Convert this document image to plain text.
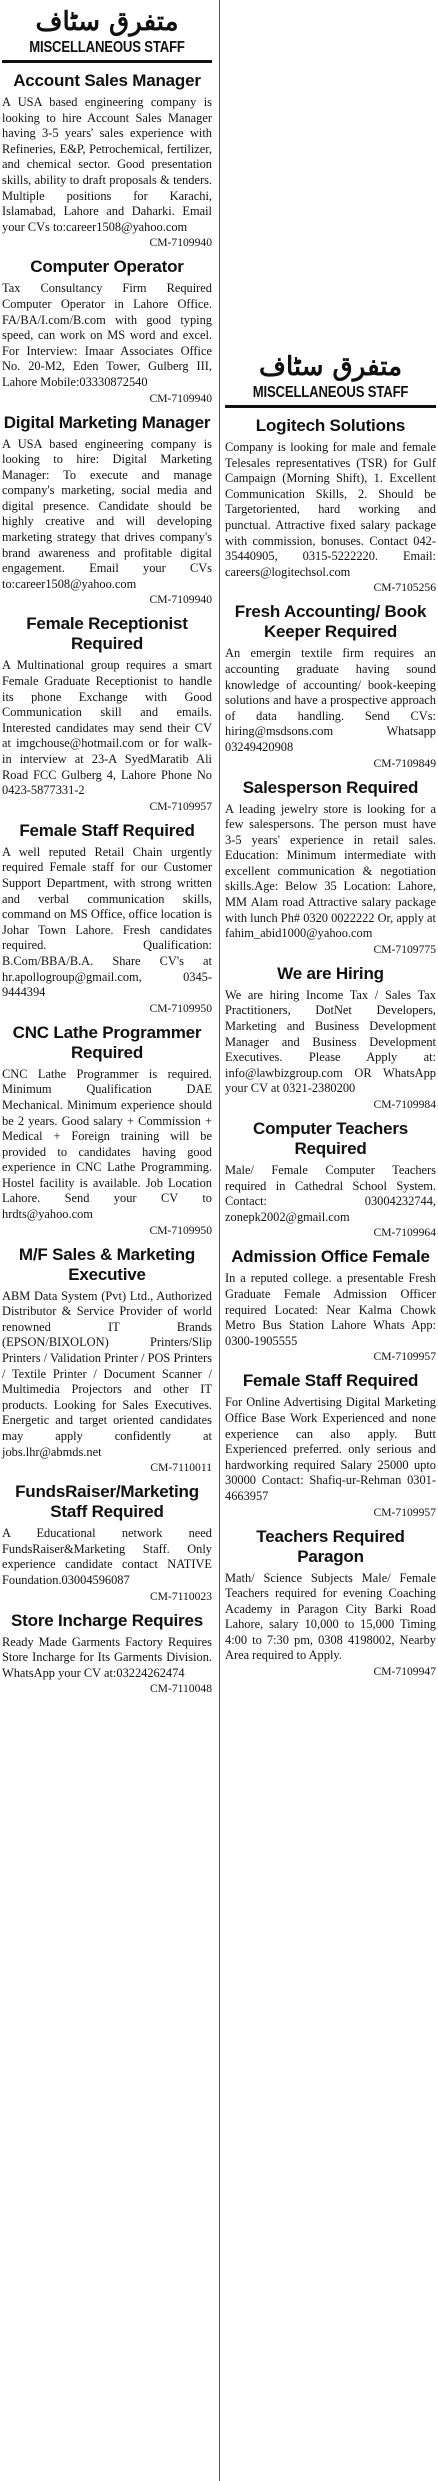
متفرق سٹاف
MISCELLANEOUS STAFF
Account Sales Manager

A USA based engineering company is looking to hire Account Sales Manager having 3-5 years' sales experience with Refineries, E&P, Petrochemical, fertilizer, and chemical sector. Good presentation skills, ability to draft proposals & tenders. Multiple positions for Karachi, Islamabad, Lahore and Daharki. Email your CVs to:career1508@yahoo.com

CM-7109940
Computer Operator

Tax Consultancy Firm Required Computer Operator in Lahore Office. FA/BA/I.com/B.com with good typing speed, can work on MS word and excel. For Interview: Imaar Associates Office No. 20-M2, Eden Tower, Gulberg III, Lahore Mobile:03330872540

CM-7109940
Digital Marketing Manager

A USA based engineering company is looking to hire: Digital Marketing Manager: To execute and manage company's marketing, social media and digital presence. Candidate should be highly creative and will developing marketing strategy that drives company's brand awareness and profitable digital engagement. Email your CVs to:career1508@yahoo.com

CM-7109940
Female Receptionist Required

A Multinational group requires a smart Female Graduate Receptionist to handle its phone Exchange with Good Communication skill and emails. Interested candidates may send their CV at imgchouse@hotmail.com or for walk-in interview at 23-A SyedMaratib Ali Road FCC Gulberg 4, Lahore Phone No 0423-5877331-2

CM-7109957
Female Staff Required

A well reputed Retail Chain urgently required Female staff for our Customer Support Department, with strong written and verbal communication skills, command on MS Office, office location is Johar Town Lahore. Fresh candidates required. Qualification: B.Com/BBA/B.A. Share CV's at hr.apollogroup@gmail.com, 0345-9444394

CM-7109950
CNC Lathe Programmer Required

CNC Lathe Programmer is required. Minimum Qualification DAE Mechanical. Minimum experience should be 2 years. Good salary + Commission + Medical + Foreign training will be provided to candidates having good experience in CNC Lathe Programming. Hostel facility is available. Job Location Lahore. Send your CV to hrdts@yahoo.com

CM-7109950
M/F Sales & Marketing Executive

ABM Data System (Pvt) Ltd., Authorized Distributor & Service Provider of world renowned IT Brands (EPSON/BIXOLON) Printers/Slip Printers / Validation Printer / POS Printers / Textile Printer / Document Scanner / Multimedia Projectors and other IT products. Looking for Sales Executives. Energetic and target oriented candidates may apply confidently at jobs.lhr@abmds.net

CM-7110011
FundsRaiser/Marketing Staff Required

A Educational network need FundsRaiser&Marketing Staff. Only experience candidate contact NATIVE Foundation.03004596087

CM-7110023
Store Incharge Requires

Ready Made Garments Factory Requires Store Incharge for Its Garments Division. WhatsApp your CV at:03224262474

CM-7110048
متفرق سٹاف
MISCELLANEOUS STAFF
Logitech Solutions

Company is looking for male and female Telesales representatives (TSR) for Gulf Campaign (Morning Shift), 1. Excellent Communication Skills, 2. Should be Targetoriented, hard working and punctual. Attractive fixed salary package with commission, bonuses. Contact 042-35440905, 0315-5222220. Email: careers@logitechsol.com

CM-7105256
Fresh Accounting/ Book Keeper Required

An emergin textile firm requires an accounting graduate having sound knowledge of accounting/ book-keeping solutions and have a prospective approach of data handling. Send CVs: hiring@msdsons.com Whatsapp 03249420908

CM-7109849
Salesperson Required

A leading jewelry store is looking for a few salespersons. The person must have 3-5 years' experience in retail sales. Education: Minimum intermediate with excellent communication & negotiation skills.Age: Below 35 Location: Lahore, MM Alam road Attractive salary package with lunch Ph# 0320 0022222 Or, apply at fahim_abid1000@yahoo.com

CM-7109775
We are Hiring

We are hiring Income Tax / Sales Tax Practitioners, DotNet Developers, Marketing and Business Development Manager and Business Development Executives. Please Apply at: info@lawbizgroup.com OR WhatsApp your CV at 0321-2380200

CM-7109984
Computer Teachers Required

Male/ Female Computer Teachers required in Cathedral School System. Contact: 03004232744, zonepk2002@gmail.com

CM-7109964
Admission Office Female

In a reputed college. a presentable Fresh Graduate Female Admission Officer required Located: Near Kalma Chowk Metro Bus Station Lahore Whats App: 0300-1905555

CM-7109957
Female Staff Required

For Online Advertising Digital Marketing Office Base Work Experienced and none experience can also apply. Butt Experienced preferred. only serious and hardworking required Salary 25000 upto 30000 Contact: Shafiq-ur-Rehman 0301-4663957

CM-7109957
Teachers Required Paragon

Math/ Science Subjects Male/ Female Teachers required for evening Coaching Academy in Paragon City Barki Road Lahore, salary 10,000 to 15,000 Timing 4:00 to 7:30 pm, 0308 4198002, Nearby Area required to Apply.

CM-7109947
